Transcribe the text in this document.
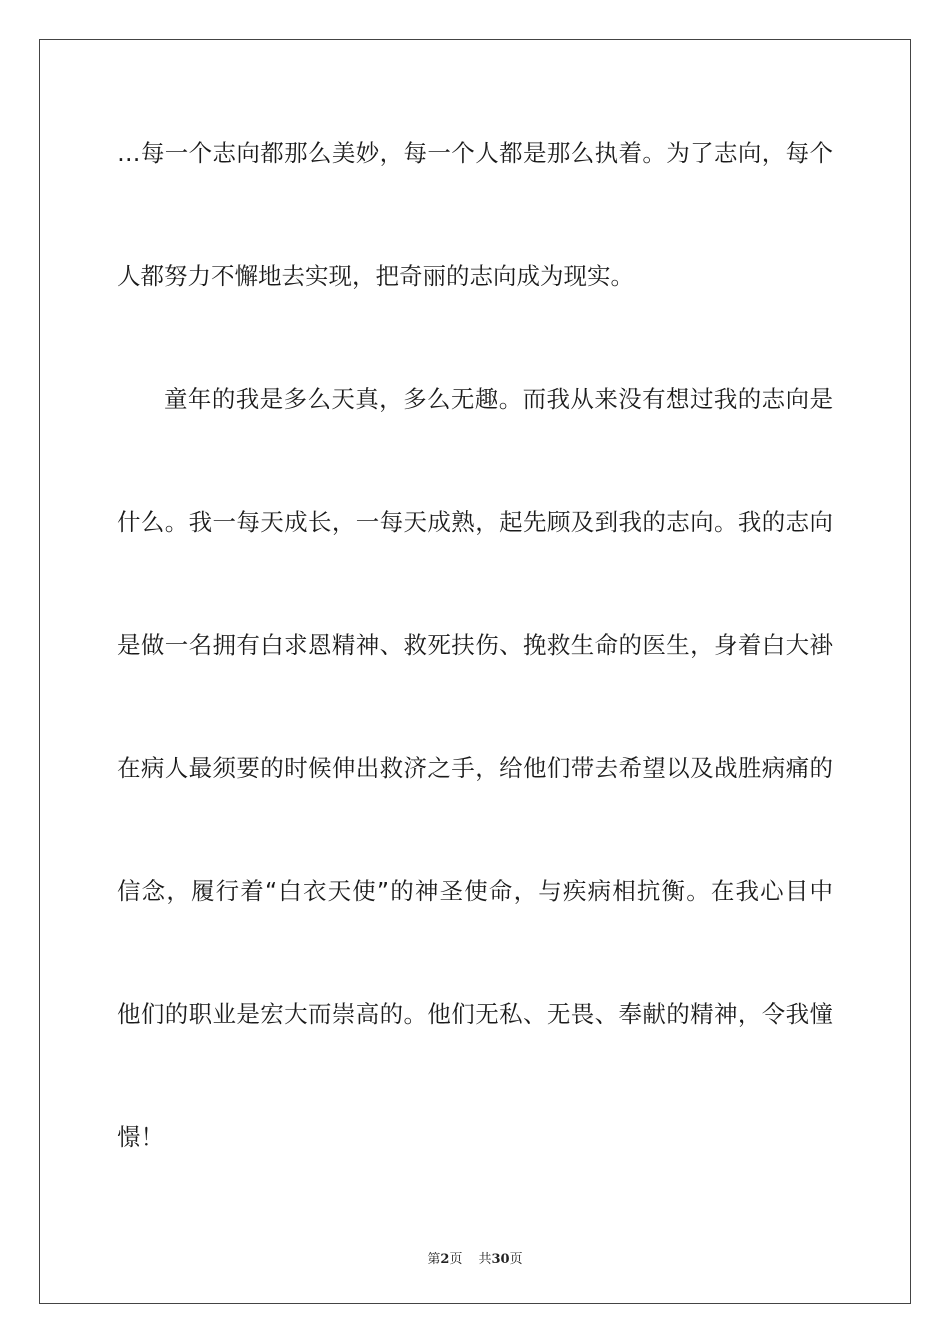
…每一个志向都那么美妙，每一个人都是那么执着。为了志向，每个
人都努力不懈地去实现，把奇丽的志向成为现实。
童年的我是多么天真，多么无趣。而我从来没有想过我的志向是
什么。我一每天成长，一每天成熟，起先顾及到我的志向。我的志向
是做一名拥有白求恩精神、救死扶伤、挽救生命的医生，身着白大褂
在病人最须要的时候伸出救济之手，给他们带去希望以及战胜病痛的
信念，履行着“白衣天使”的神圣使命，与疾病相抗衡。在我心目中
他们的职业是宏大而崇高的。他们无私、无畏、奉献的精神，令我憧
憬！
第2页 共30页
